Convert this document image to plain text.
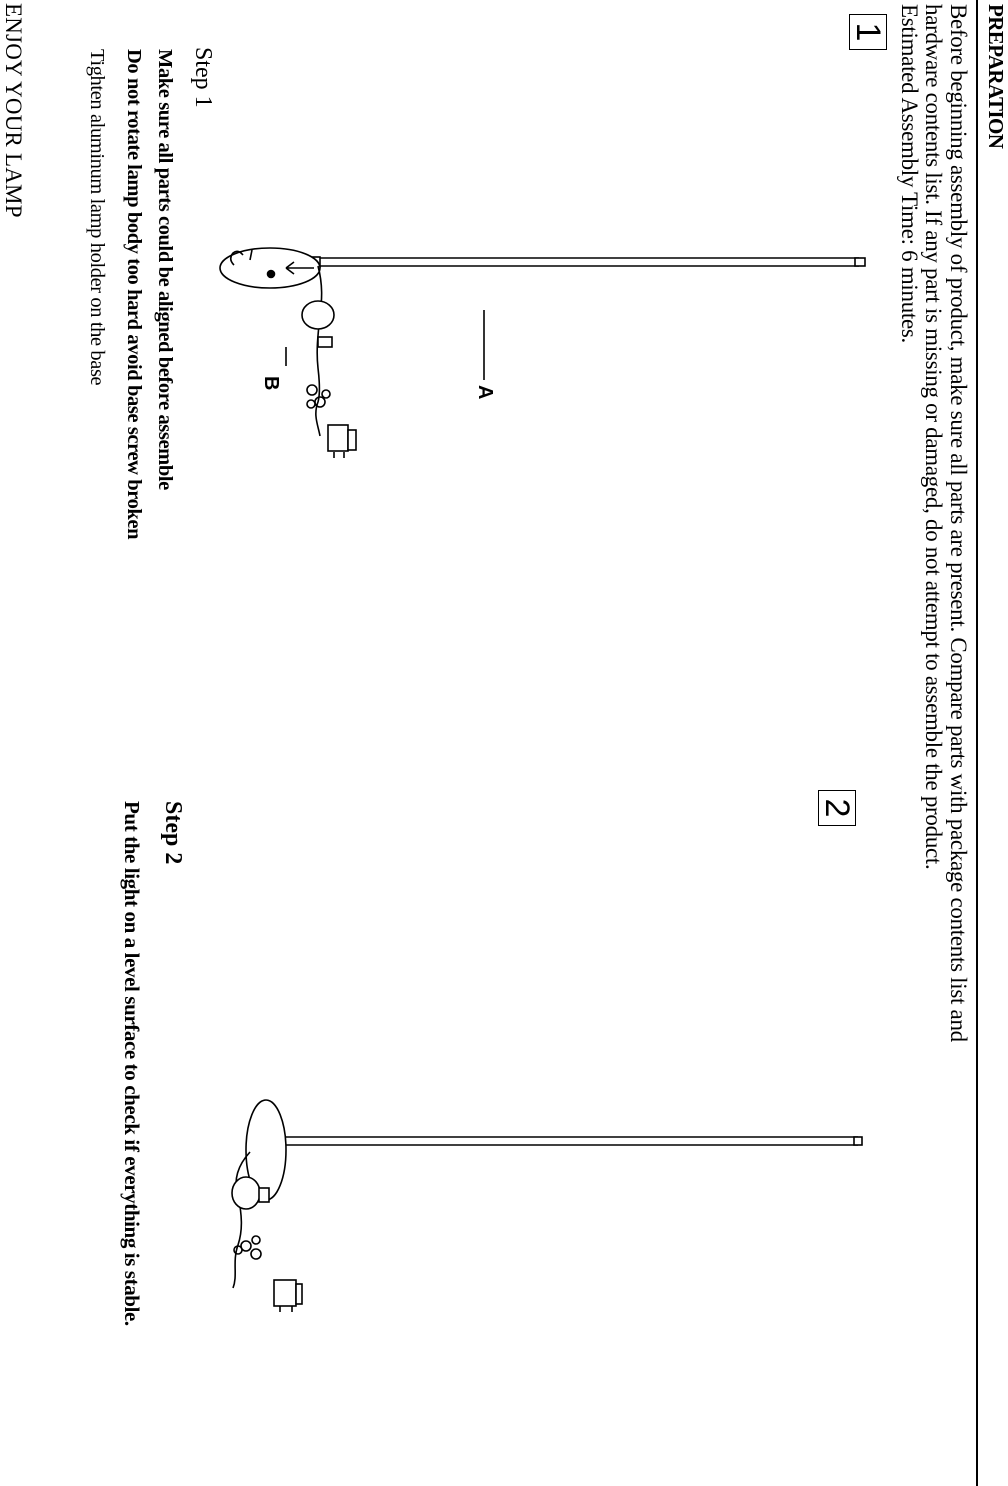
PREPARATION
Before beginning assembly of product, make sure all parts are present. Compare parts with package contents list and
hardware contents list. If any part is missing or damaged, do not attempt to assemble the product.
Estimated Assembly Time: 6 minutes.
1
A
B
Step 1
Make sure all parts could be aligned before assemble
Do not rotate lamp body too hard avoid base screw broken
Tighten aluminum lamp holder on the base
2
Step 2
Put the light on a level surface to check if everything is stable.
ENJOY YOUR LAMP
